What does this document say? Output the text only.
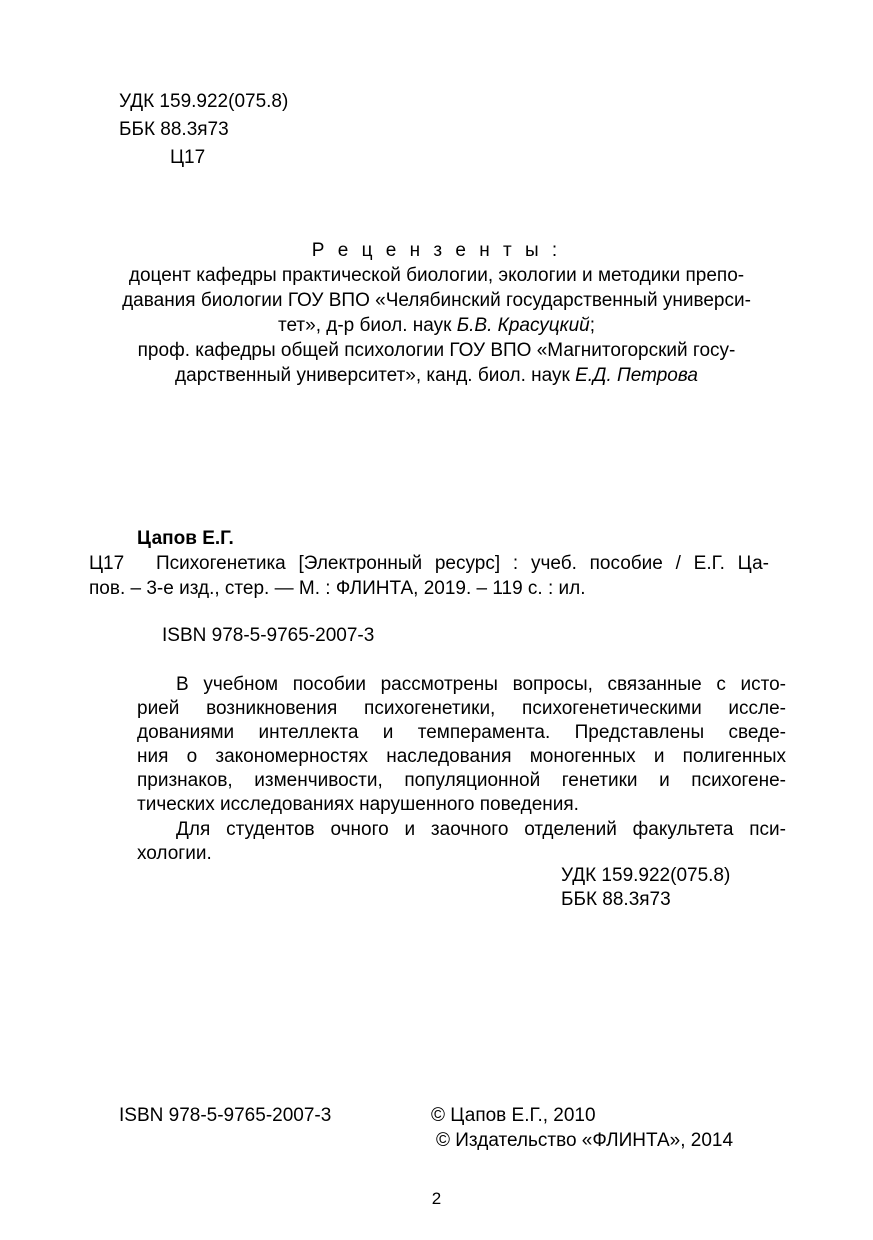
УДК 159.922(075.8)
ББК 88.3я73
Ц17
Р е ц е н з е н т ы :
доцент кафедры практической биологии, экологии и методики препо-
давания биологии ГОУ ВПО «Челябинский государственный универси-
тет», д-р биол. наук Б.В. Красуцкий;
проф. кафедры общей психологии ГОУ ВПО «Магнитогорский госу-
дарственный университет», канд. биол. наук Е.Д. Петрова
Цапов Е.Г.
Ц17 Психогенетика [Электронный ресурс] : учеб. пособие / Е.Г. Ца-
пов. – 3-е изд., стер. — М. : ФЛИНТА, 2019. – 119 с. : ил.
ISBN 978-5-9765-2007-3
В учебном пособии рассмотрены вопросы, связанные с исто-
рией возникновения психогенетики, психогенетическими иссле-
дованиями интеллекта и темперамента. Представлены сведе-
ния о закономерностях наследования моногенных и полигенных
признаков, изменчивости, популяционной генетики и психогене-
тических исследованиях нарушенного поведения.
Для студентов очного и заочного отделений факультета пси-
хологии.
УДК 159.922(075.8)
ББК 88.3я73
ISBN 978-5-9765-2007-3	© Цапов Е.Г., 2010
© Издательство «ФЛИНТА», 2014
2
